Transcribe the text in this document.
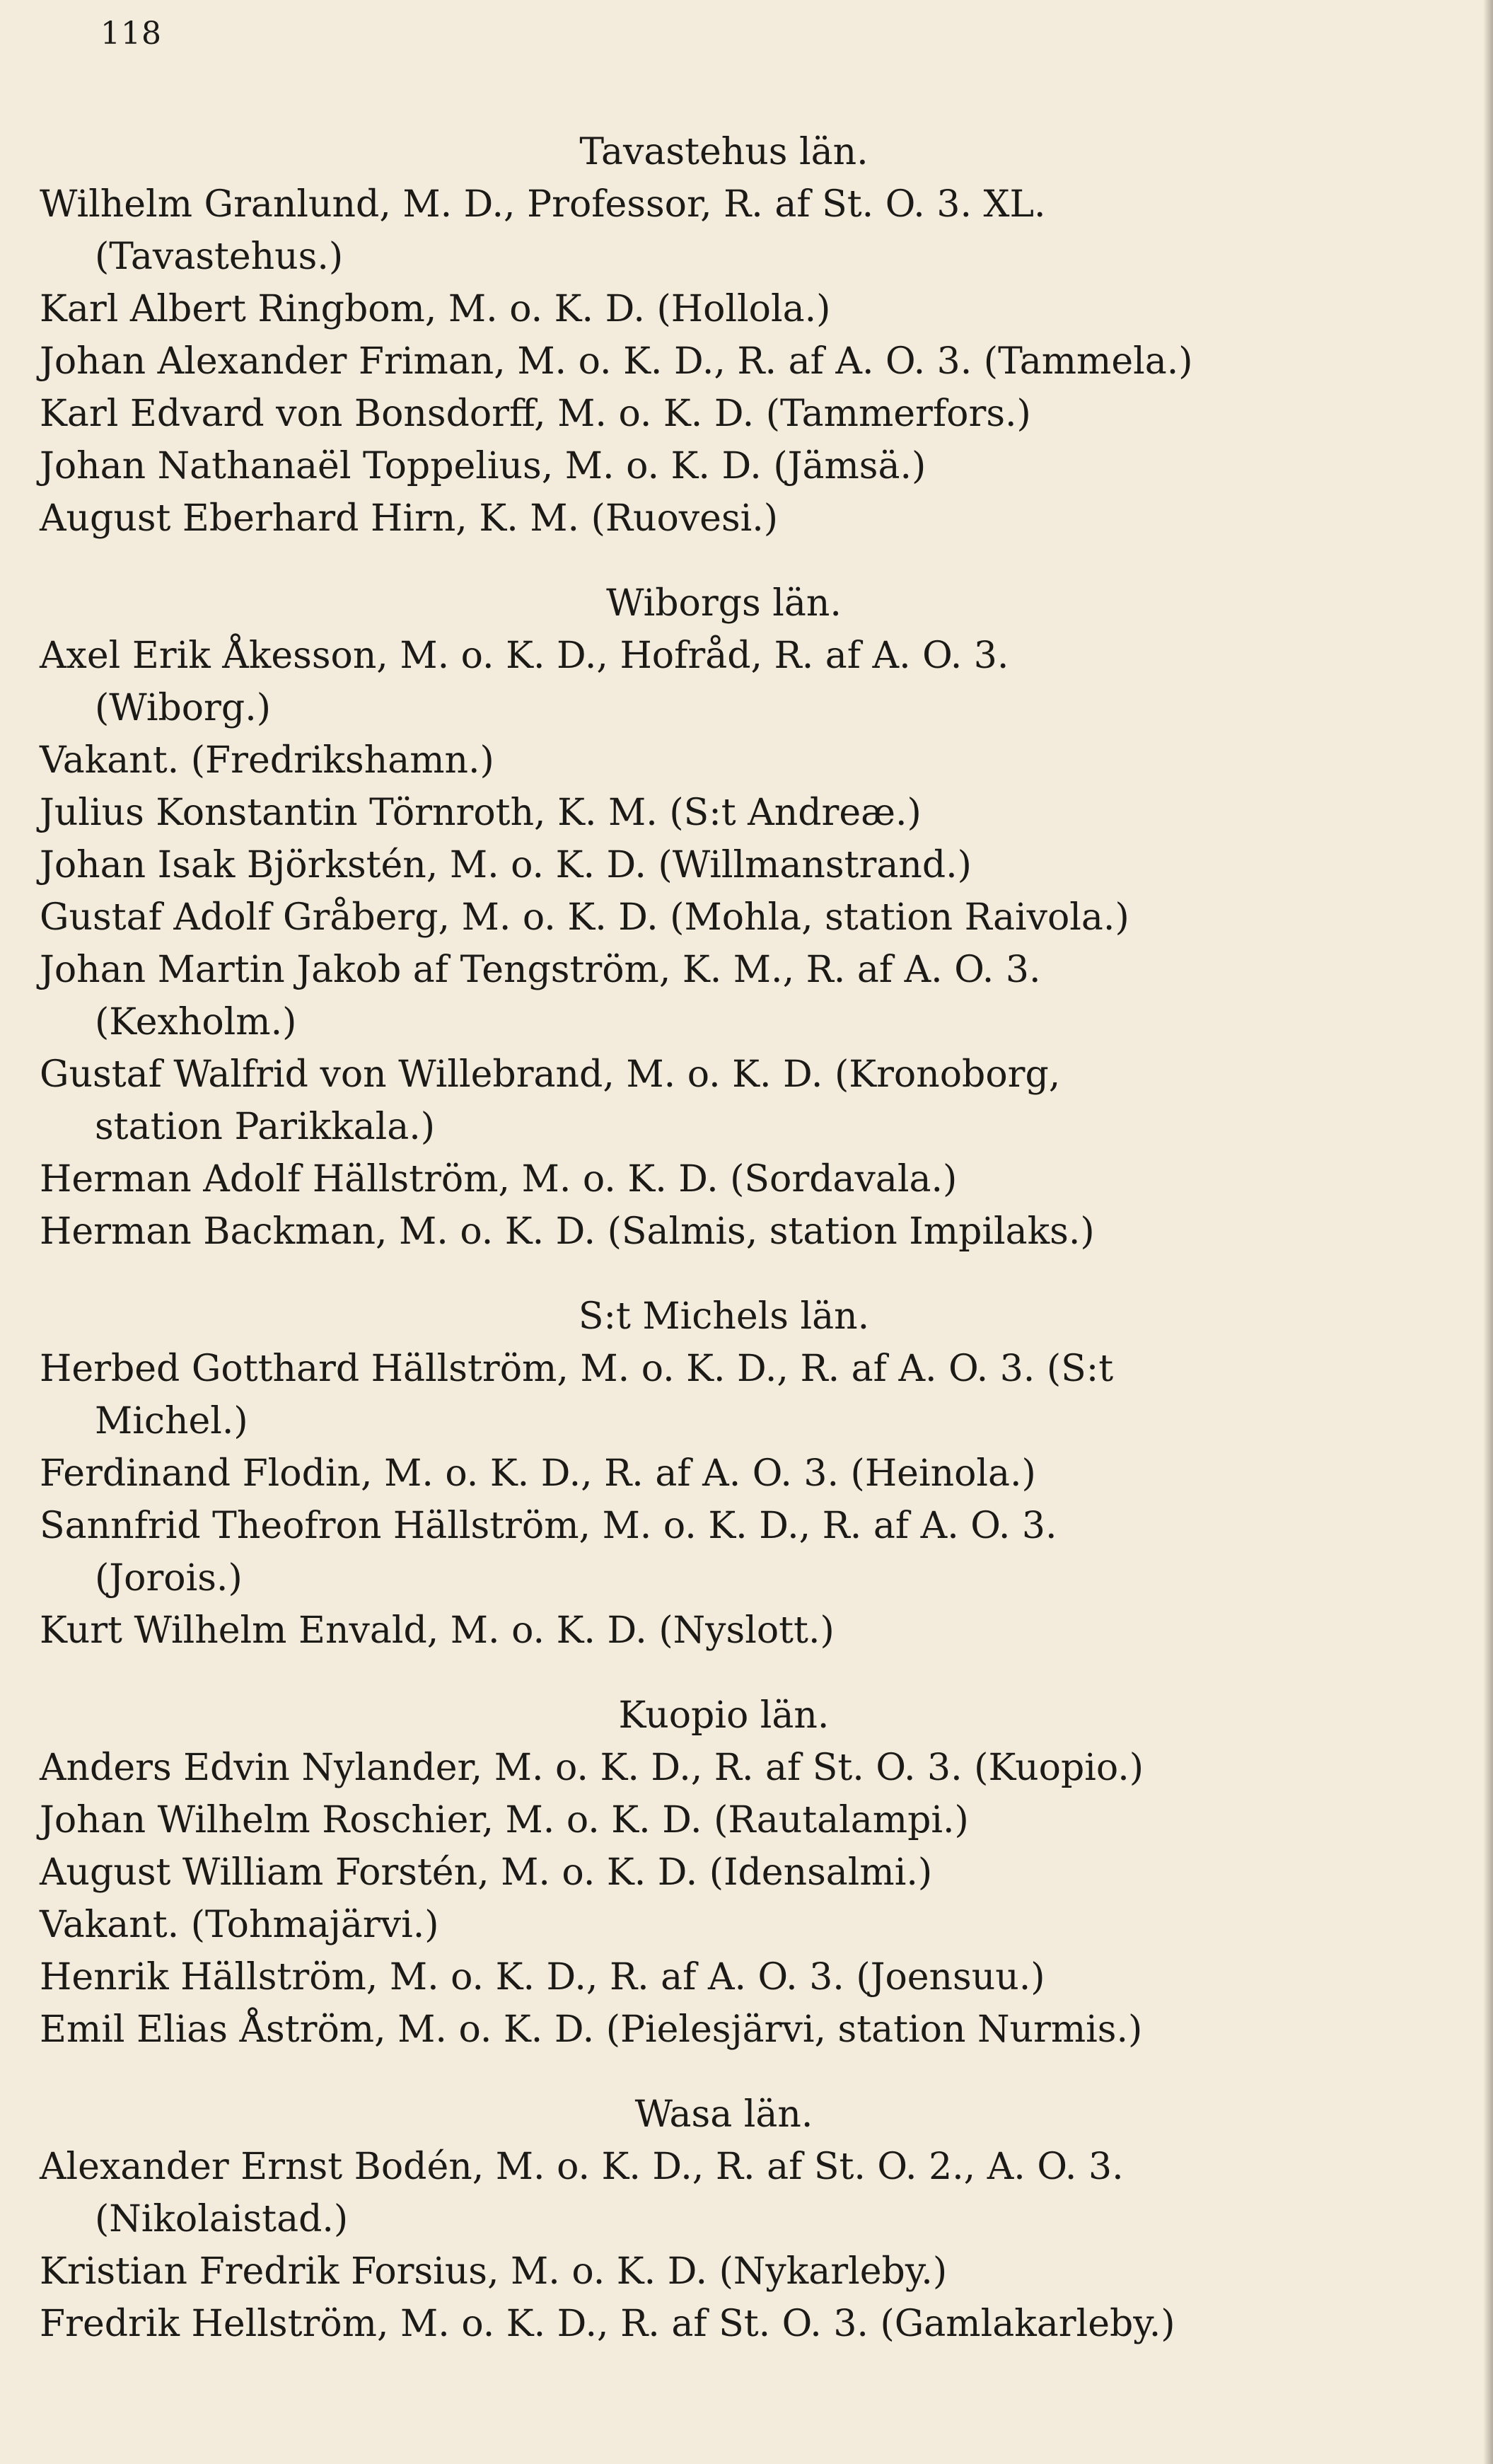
118
Tavastehus län.
Wilhelm Granlund, M. D., Professor, R. af St. O. 3. XL.
(Tavastehus.)
Karl Albert Ringbom, M. o. K. D. (Hollola.)
Johan Alexander Friman, M. o. K. D., R. af A. O. 3. (Tammela.)
Karl Edvard von Bonsdorff, M. o. K. D. (Tammerfors.)
Johan Nathanaël Toppelius, M. o. K. D. (Jämsä.)
August Eberhard Hirn, K. M. (Ruovesi.)
Wiborgs län.
Axel Erik Åkesson, M. o. K. D., Hofråd, R. af A. O. 3.
(Wiborg.)
Vakant. (Fredrikshamn.)
Julius Konstantin Törnroth, K. M. (S:t Andreæ.)
Johan Isak Björkstén, M. o. K. D. (Willmanstrand.)
Gustaf Adolf Gråberg, M. o. K. D. (Mohla, station Raivola.)
Johan Martin Jakob af Tengström, K. M., R. af A. O. 3.
(Kexholm.)
Gustaf Walfrid von Willebrand, M. o. K. D. (Kronoborg,
station Parikkala.)
Herman Adolf Hällström, M. o. K. D. (Sordavala.)
Herman Backman, M. o. K. D. (Salmis, station Impilaks.)
S:t Michels län.
Herbed Gotthard Hällström, M. o. K. D., R. af A. O. 3. (S:t
Michel.)
Ferdinand Flodin, M. o. K. D., R. af A. O. 3. (Heinola.)
Sannfrid Theofron Hällström, M. o. K. D., R. af A. O. 3.
(Jorois.)
Kurt Wilhelm Envald, M. o. K. D. (Nyslott.)
Kuopio län.
Anders Edvin Nylander, M. o. K. D., R. af St. O. 3. (Kuopio.)
Johan Wilhelm Roschier, M. o. K. D. (Rautalampi.)
August William Forstén, M. o. K. D. (Idensalmi.)
Vakant. (Tohmajärvi.)
Henrik Hällström, M. o. K. D., R. af A. O. 3. (Joensuu.)
Emil Elias Åström, M. o. K. D. (Pielesjärvi, station Nurmis.)
Wasa län.
Alexander Ernst Bodén, M. o. K. D., R. af St. O. 2., A. O. 3.
(Nikolaistad.)
Kristian Fredrik Forsius, M. o. K. D. (Nykarleby.)
Fredrik Hellström, M. o. K. D., R. af St. O. 3. (Gamlakarleby.)
